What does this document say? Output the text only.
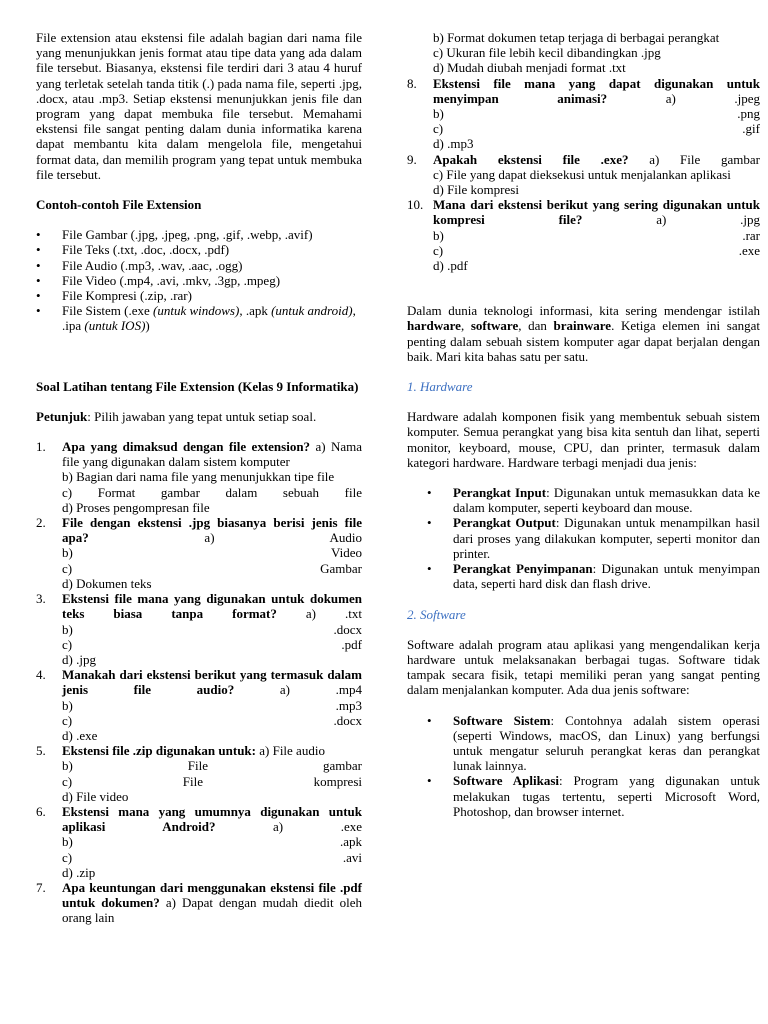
File extension atau ekstensi file adalah bagian dari nama file yang menunjukkan jenis format atau tipe data yang ada dalam file tersebut. Biasanya, ekstensi file terdiri dari 3 atau 4 huruf yang terletak setelah tanda titik (.) pada nama file, seperti .jpg, .docx, atau .mp3. Setiap ekstensi menunjukkan jenis file dan program yang dapat membuka file tersebut. Memahami ekstensi file sangat penting dalam dunia informatika karena dapat membantu kita dalam mengelola file, mengetahui format data, dan memilih program yang tepat untuk membuka file tersebut.

Contoh-contoh File Extension

• File Gambar (.jpg, .jpeg, .png, .gif, .webp, .avif)
• File Teks (.txt, .doc, .docx, .pdf)
• File Audio (.mp3, .wav, .aac, .ogg)
• File Video (.mp4, .avi, .mkv, .3gp, .mpeg)
• File Kompresi (.zip, .rar)
• File Sistem (.exe (untuk windows), .apk (untuk android), .ipa (untuk IOS))

Soal Latihan tentang File Extension (Kelas 9 Informatika)

Petunjuk: Pilih jawaban yang tepat untuk setiap soal.

1. Apa yang dimaksud dengan file extension? a) Nama file yang digunakan dalam sistem komputer

b) Bagian dari nama file yang menunjukkan tipe file

c) Format gambar dalam sebuah file

d) Proses pengompresan file

2. File dengan ekstensi .jpg biasanya berisi jenis file apa?	a) Audio

b) Video

c) Gambar

d) Dokumen teks

3. Ekstensi file mana yang digunakan untuk dokumen teks biasa tanpa format? a) .txt

b) .docx

c) .pdf

d) .jpg

4. Manakah dari ekstensi berikut yang termasuk dalam jenis file audio?	a) .mp4

b) .mp3

c) .docx

d) .exe

5. Ekstensi file .zip digunakan untuk: a) File audio

b) File gambar

c) File kompresi

d) File video

6. Ekstensi mana yang umumnya digunakan untuk aplikasi Android?	a) .exe

b) .apk

c) .avi

d) .zip

7. Apa keuntungan dari menggunakan ekstensi file .pdf untuk dokumen? a) Dapat dengan mudah diedit oleh orang lain

b) Format dokumen tetap terjaga di berbagai perangkat

c) Ukuran file lebih kecil dibandingkan .jpg

d) Mudah diubah menjadi format .txt

8. Ekstensi file mana yang dapat digunakan untuk menyimpan animasi?	a) .jpeg

b) .png

c) .gif

d) .mp3

9. Apakah ekstensi file .exe? a) File gambar

c) File yang dapat dieksekusi untuk menjalankan aplikasi

d) File kompresi

10. Mana dari ekstensi berikut yang sering digunakan untuk kompresi file?	a) .jpg

b) .rar

c) .exe

d) .pdf

Dalam dunia teknologi informasi, kita sering mendengar istilah hardware, software, dan brainware. Ketiga elemen ini sangat penting dalam sebuah sistem komputer agar dapat berjalan dengan baik. Mari kita bahas satu per satu.

1. Hardware

Hardware adalah komponen fisik yang membentuk sebuah sistem komputer. Semua perangkat yang bisa kita sentuh dan lihat, seperti monitor, keyboard, mouse, CPU, dan printer, termasuk dalam kategori hardware. Hardware terbagi menjadi dua jenis:

• Perangkat Input: Digunakan untuk memasukkan data ke dalam komputer, seperti keyboard dan mouse.

• Perangkat Output: Digunakan untuk menampilkan hasil dari proses yang dilakukan komputer, seperti monitor dan printer.

• Perangkat Penyimpanan: Digunakan untuk menyimpan data, seperti hard disk dan flash drive.

2. Software

Software adalah program atau aplikasi yang mengendalikan kerja hardware untuk melaksanakan berbagai tugas. Software tidak tampak secara fisik, tetapi memiliki peran yang sangat penting dalam menjalankan komputer. Ada dua jenis software:

• Software Sistem: Contohnya adalah sistem operasi (seperti Windows, macOS, dan Linux) yang berfungsi untuk mengatur seluruh perangkat keras dan perangkat lunak lainnya.

• Software Aplikasi: Program yang digunakan untuk melakukan tugas tertentu, seperti Microsoft Word, Photoshop, dan browser internet.
